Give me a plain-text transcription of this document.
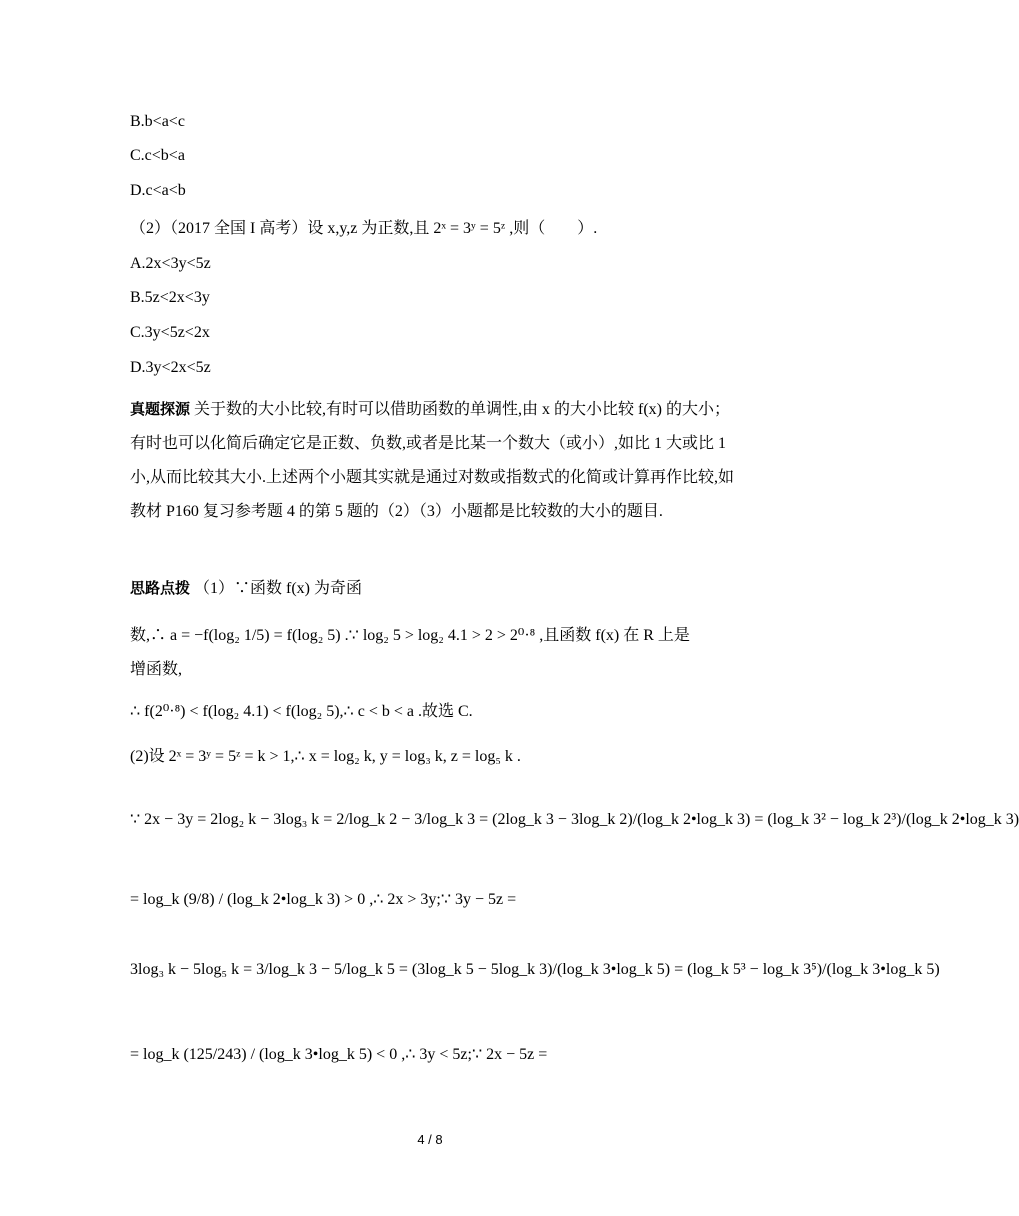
B.b<a<c
C.c<b<a
D.c<a<b
（2）（2017 全国 I 高考）设 x,y,z 为正数,且 2ˣ = 3ʸ = 5ᶻ ,则（　　）.
A.2x<3y<5z
B.5z<2x<3y
C.3y<5z<2x
D.3y<2x<5z
真题探源 关于数的大小比较,有时可以借助函数的单调性,由 x 的大小比较 f(x) 的大小；有时也可以化简后确定它是正数、负数,或者是比某一个数大（或小）,如比 1 大或比 1 小,从而比较其大小.上述两个小题其实就是通过对数或指数式的化简或计算再作比较,如教材 P160 复习参考题 4 的第 5 题的（2）（3）小题都是比较数的大小的题目.
思路点拨 （1）∵函数 f(x) 为奇函
数,∴ a = −f(log₂ 1/5) = f(log₂ 5) .∵ log₂ 5 > log₂ 4.1 > 2 > 2⁰·⁸ ,且函数 f(x) 在 R 上是
增函数,
∴ f(2⁰·⁸) < f(log₂ 4.1) < f(log₂ 5),∴ c < b < a .故选 C.
(2)设 2ˣ = 3ʸ = 5ᶻ = k > 1,∴ x = log₂ k, y = log₃ k, z = log₅ k .
∵ 2x − 3y = 2log₂ k − 3log₃ k = 2/log_k 2 − 3/log_k 3 = (2log_k 3 − 3log_k 2)/(log_k 2•log_k 3) = (log_k 3² − log_k 2³)/(log_k 2•log_k 3)
= log_k (9/8) / (log_k 2•log_k 3) > 0 ,∴ 2x > 3y;∵ 3y − 5z =
3log₃ k − 5log₅ k = 3/log_k 3 − 5/log_k 5 = (3log_k 5 − 5log_k 3)/(log_k 3•log_k 5) = (log_k 5³ − log_k 3⁵)/(log_k 3•log_k 5)
= log_k (125/243) / (log_k 3•log_k 5) < 0 ,∴ 3y < 5z;∵ 2x − 5z =
4 / 8
